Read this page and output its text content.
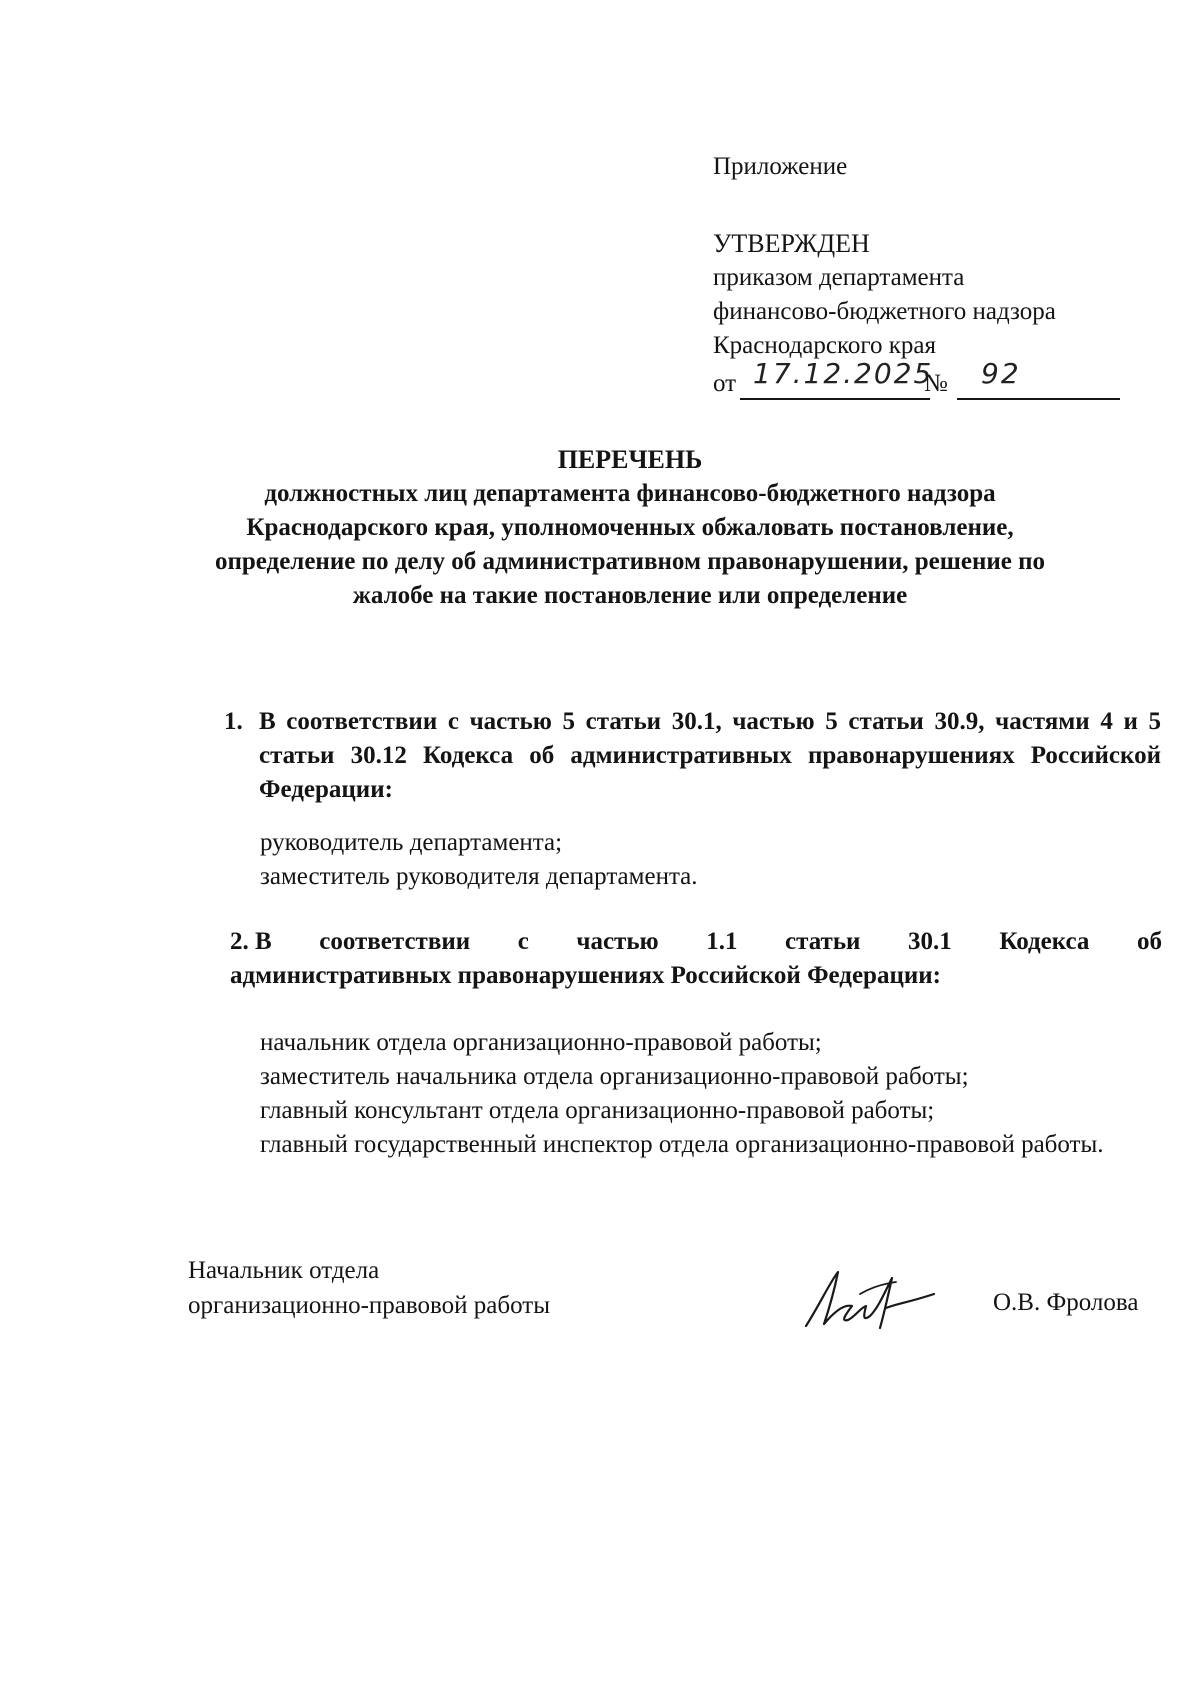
Приложение
УТВЕРЖДЕН
приказом департамента
финансово-бюджетного надзора
Краснодарского края
от 17.12.2025
№ 92
ПЕРЕЧЕНЬ
должностных лиц департамента финансово-бюджетного надзора
Краснодарского края, уполномоченных обжаловать постановление,
определение по делу об административном правонарушении, решение по
жалобе на такие постановление или определение
1. В соответствии с частью 5 статьи 30.1, частью 5 статьи 30.9, частями 4 и 5 статьи 30.12 Кодекса об административных правонарушениях Российской Федерации:
руководитель департамента;
заместитель руководителя департамента.
2. В соответствии с частью 1.1 статьи 30.1 Кодекса об
административных правонарушениях Российской Федерации:
начальник отдела организационно-правовой работы;
заместитель начальника отдела организационно-правовой работы;
главный консультант отдела организационно-правовой работы;
главный государственный инспектор отдела организационно-правовой работы.
Начальник отдела
организационно-правовой работы	О.В. Фролова
